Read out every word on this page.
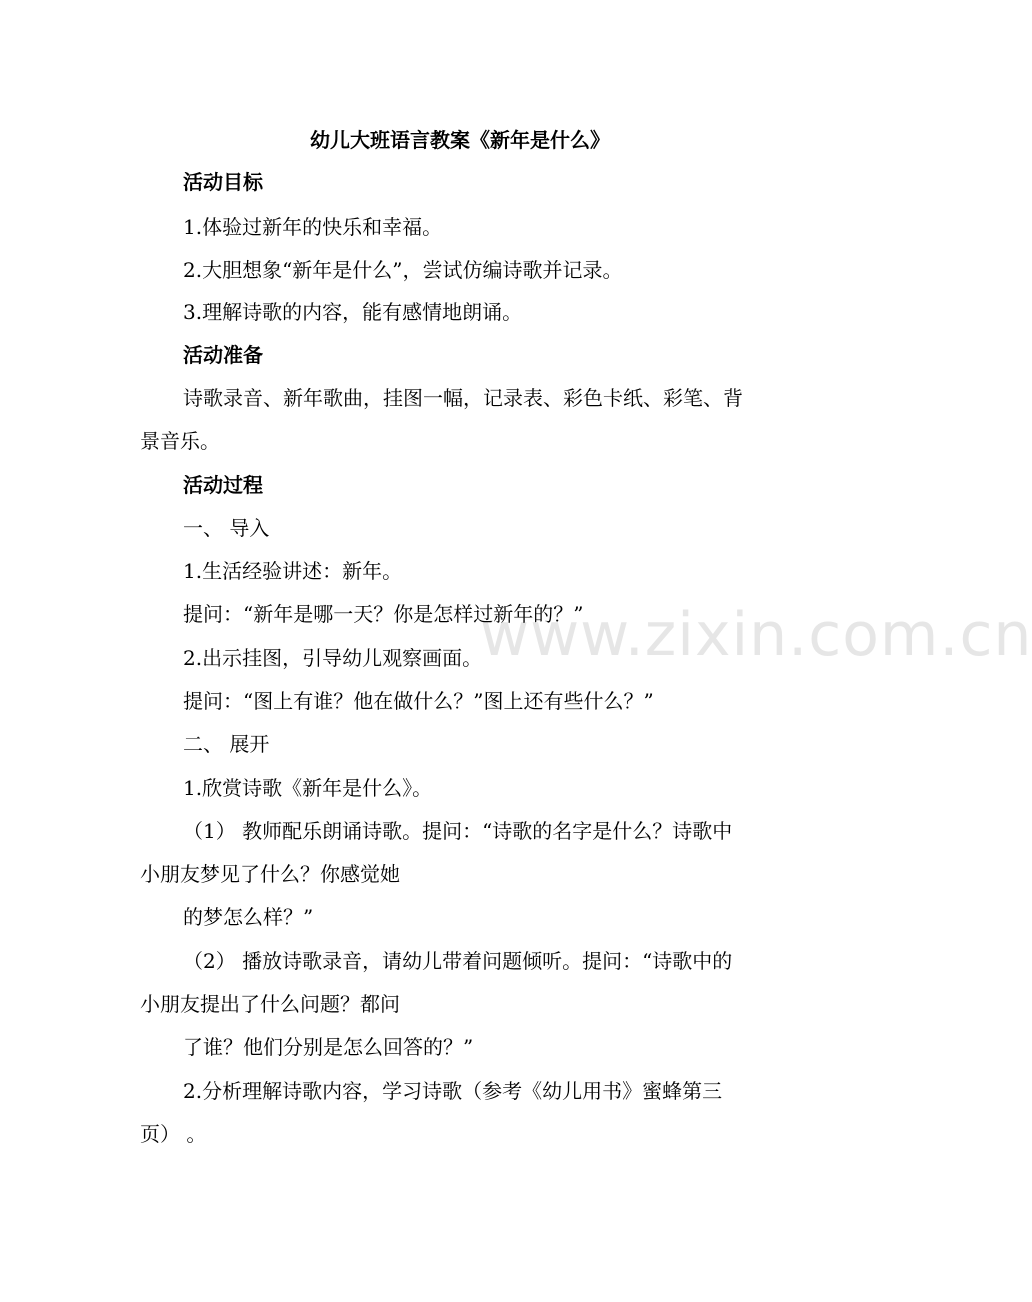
www.zixin.com.cn
幼儿大班语言教案《新年是什么》
活动目标
1.体验过新年的快乐和幸福。
2.大胆想象“新年是什么”，尝试仿编诗歌并记录。
3.理解诗歌的内容，能有感情地朗诵。
活动准备
诗歌录音、新年歌曲，挂图一幅，记录表、彩色卡纸、彩笔、背
景音乐。
活动过程
一、 导入
1.生活经验讲述：新年。
提问：“新年是哪一天？你是怎样过新年的？”
2.出示挂图，引导幼儿观察画面。
提问：“图上有谁？他在做什么？”图上还有些什么？”
二、 展开
1.欣赏诗歌《新年是什么》。
（1） 教师配乐朗诵诗歌。提问：“诗歌的名字是什么？诗歌中
小朋友梦见了什么？你感觉她
的梦怎么样？”
（2） 播放诗歌录音，请幼儿带着问题倾听。提问：“诗歌中的
小朋友提出了什么问题？都问
了谁？他们分别是怎么回答的？”
2.分析理解诗歌内容，学习诗歌（参考《幼儿用书》蜜蜂第三
页） 。
